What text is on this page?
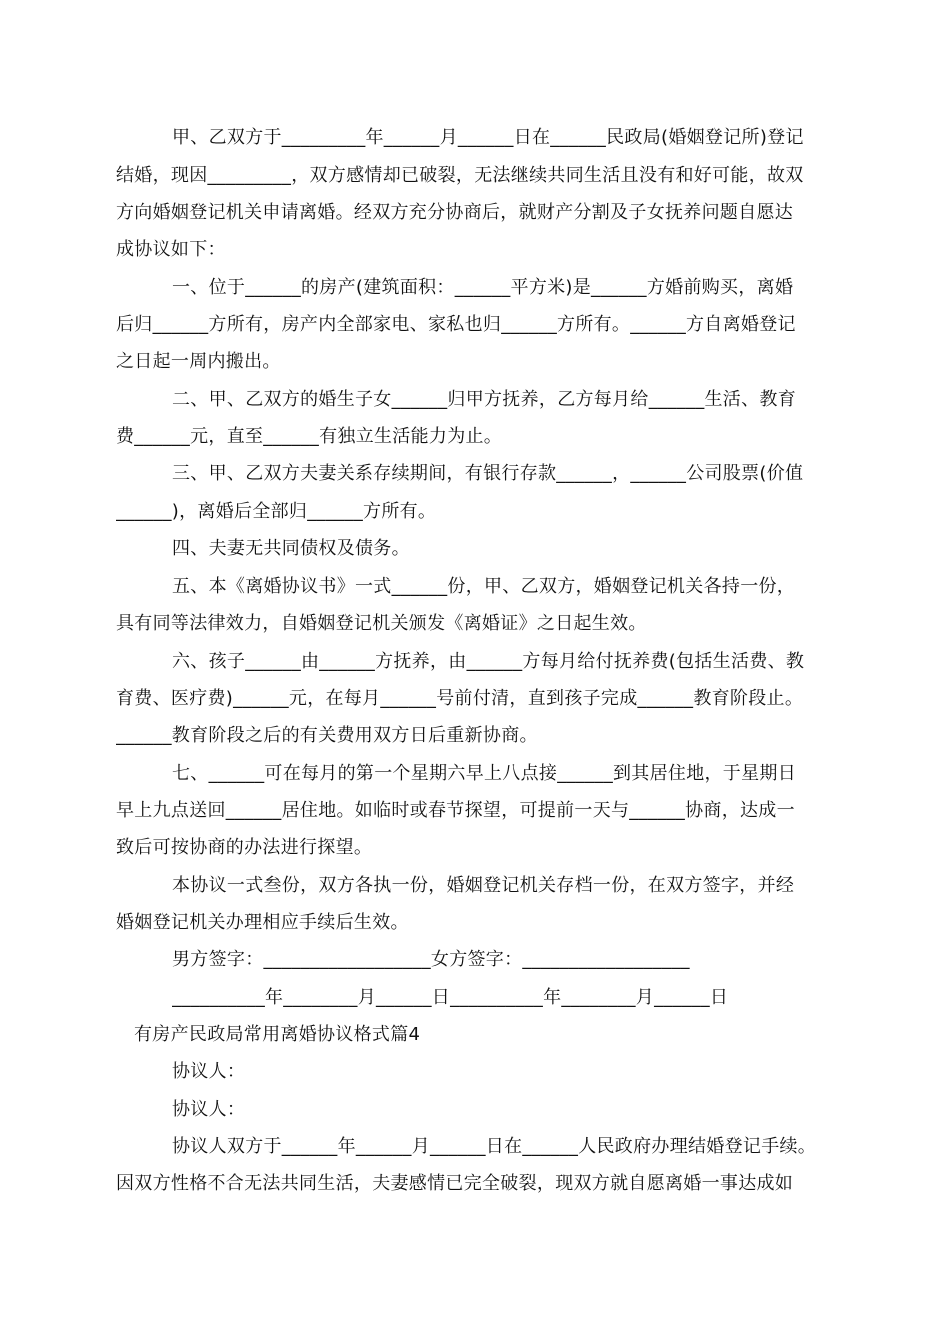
甲、乙双方于_________年______月______日在______民政局(婚姻登记所)登记
结婚，现因_________，双方感情却已破裂，无法继续共同生活且没有和好可能，故双
方向婚姻登记机关申请离婚。经双方充分协商后，就财产分割及子女抚养问题自愿达
成协议如下：
一、位于______的房产(建筑面积：______平方米)是______方婚前购买，离婚
后归______方所有，房产内全部家电、家私也归______方所有。______方自离婚登记
之日起一周内搬出。
二、甲、乙双方的婚生子女______归甲方抚养，乙方每月给______生活、教育
费______元，直至______有独立生活能力为止。
三、甲、乙双方夫妻关系存续期间，有银行存款______，______公司股票(价值
______)，离婚后全部归______方所有。
四、夫妻无共同债权及债务。
五、本《离婚协议书》一式______份，甲、乙双方，婚姻登记机关各持一份，
具有同等法律效力，自婚姻登记机关颁发《离婚证》之日起生效。
六、孩子______由______方抚养，由______方每月给付抚养费(包括生活费、教
育费、医疗费)______元，在每月______号前付清，直到孩子完成______教育阶段止。
______教育阶段之后的有关费用双方日后重新协商。
七、______可在每月的第一个星期六早上八点接______到其居住地，于星期日
早上九点送回______居住地。如临时或春节探望，可提前一天与______协商，达成一
致后可按协商的办法进行探望。
本协议一式叁份，双方各执一份，婚姻登记机关存档一份，在双方签字，并经
婚姻登记机关办理相应手续后生效。
男方签字：__________________女方签字：__________________
__________年________月______日__________年________月______日
有房产民政局常用离婚协议格式篇4
协议人：
协议人：
协议人双方于______年______月______日在______人民政府办理结婚登记手续。
因双方性格不合无法共同生活，夫妻感情已完全破裂，现双方就自愿离婚一事达成如
